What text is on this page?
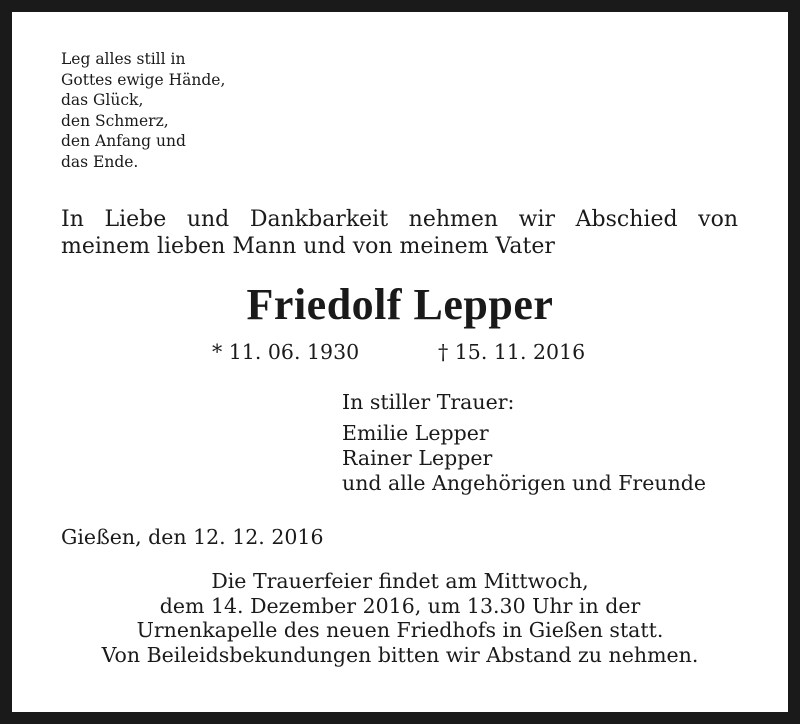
Leg alles still in
Gottes ewige Hände,
das Glück,
den Schmerz,
den Anfang und
das Ende.
In Liebe und Dankbarkeit nehmen wir Abschied von
meinem lieben Mann und von meinem Vater
Friedolf Lepper
* 11. 06. 1930	† 15. 11. 2016
In stiller Trauer:
Emilie Lepper
Rainer Lepper
und alle Angehörigen und Freunde
Gießen, den 12. 12. 2016
Die Trauerfeier findet am Mittwoch,
dem 14. Dezember 2016, um 13.30 Uhr in der
Urnenkapelle des neuen Friedhofs in Gießen statt.
Von Beileidsbekundungen bitten wir Abstand zu nehmen.
